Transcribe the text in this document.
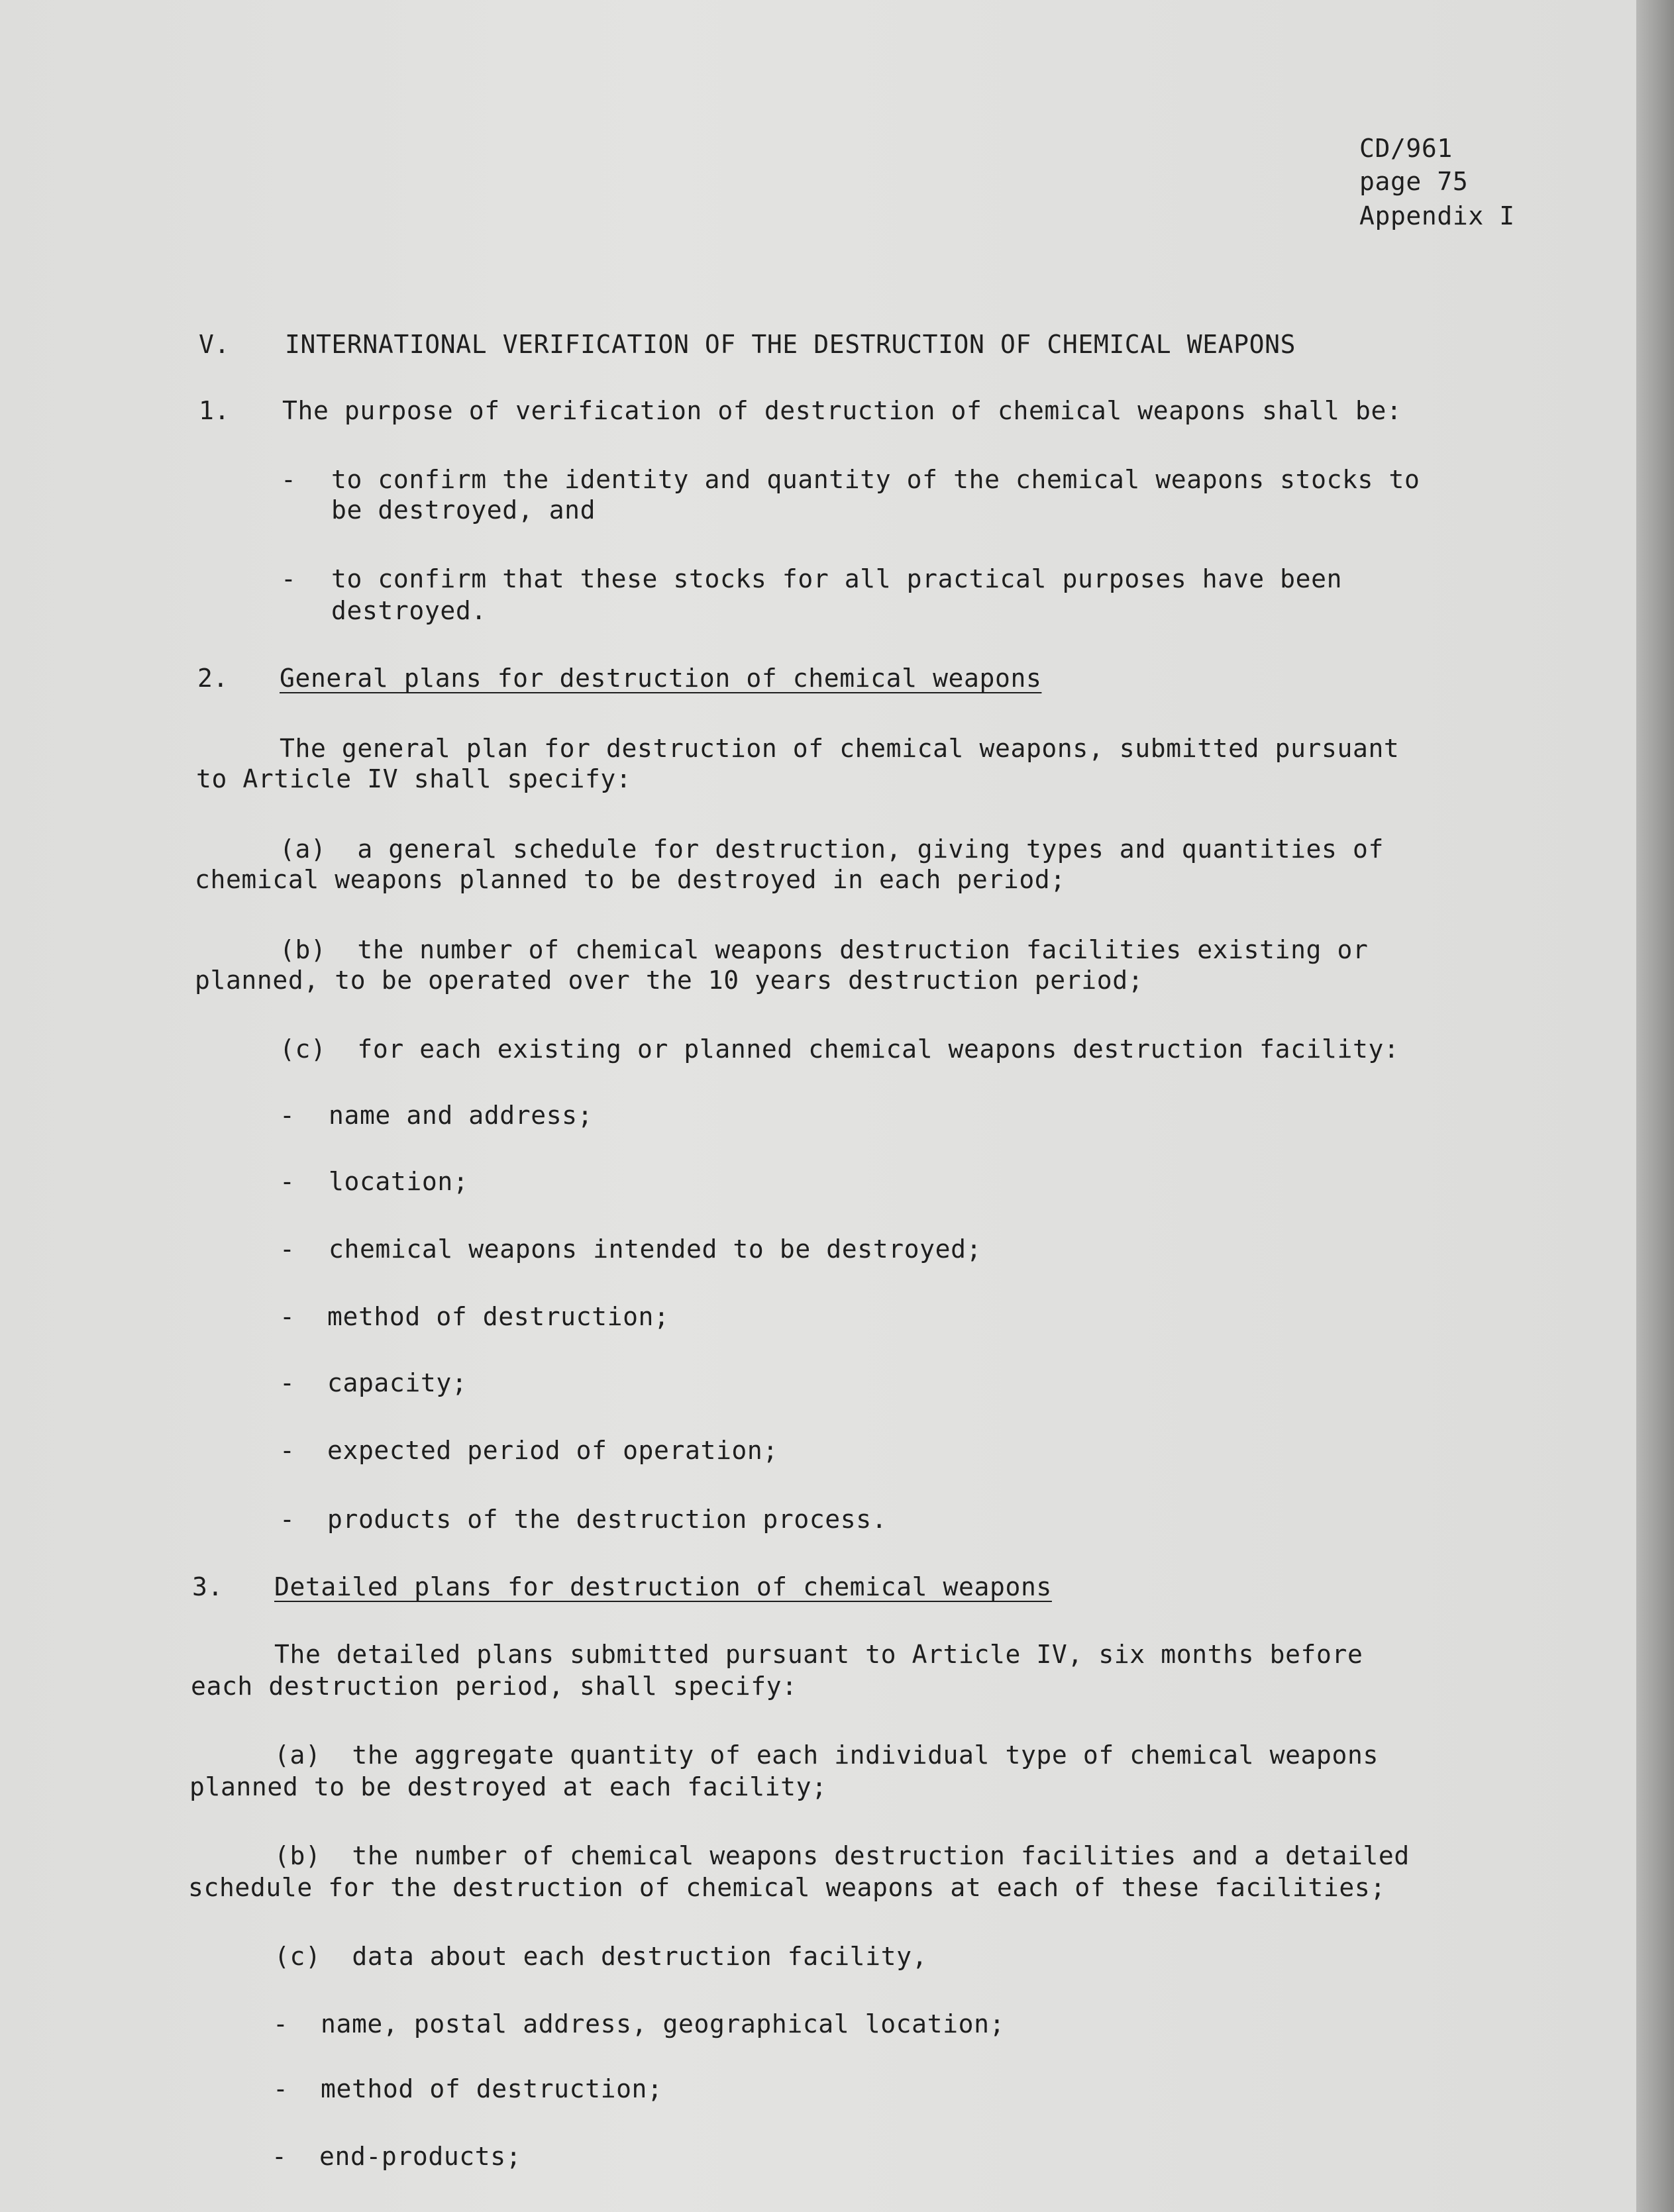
CD/961
page 75
Appendix I
V. INTERNATIONAL VERIFICATION OF THE DESTRUCTION OF CHEMICAL WEAPONS
1. The purpose of verification of destruction of chemical weapons shall be:
- to confirm the identity and quantity of the chemical weapons stocks to
be destroyed, and
- to confirm that these stocks for all practical purposes have been
destroyed.
2. General plans for destruction of chemical weapons
The general plan for destruction of chemical weapons, submitted pursuant
to Article IV shall specify:
(a)  a general schedule for destruction, giving types and quantities of
chemical weapons planned to be destroyed in each period;
(b)  the number of chemical weapons destruction facilities existing or
planned, to be operated over the 10 years destruction period;
(c)  for each existing or planned chemical weapons destruction facility:
- name and address;
- location;
- chemical weapons intended to be destroyed;
- method of destruction;
- capacity;
- expected period of operation;
- products of the destruction process.
3. Detailed plans for destruction of chemical weapons
The detailed plans submitted pursuant to Article IV, six months before
each destruction period, shall specify:
(a)  the aggregate quantity of each individual type of chemical weapons
planned to be destroyed at each facility;
(b)  the number of chemical weapons destruction facilities and a detailed
schedule for the destruction of chemical weapons at each of these facilities;
(c)  data about each destruction facility,
- name, postal address, geographical location;
- method of destruction;
- end-products;
